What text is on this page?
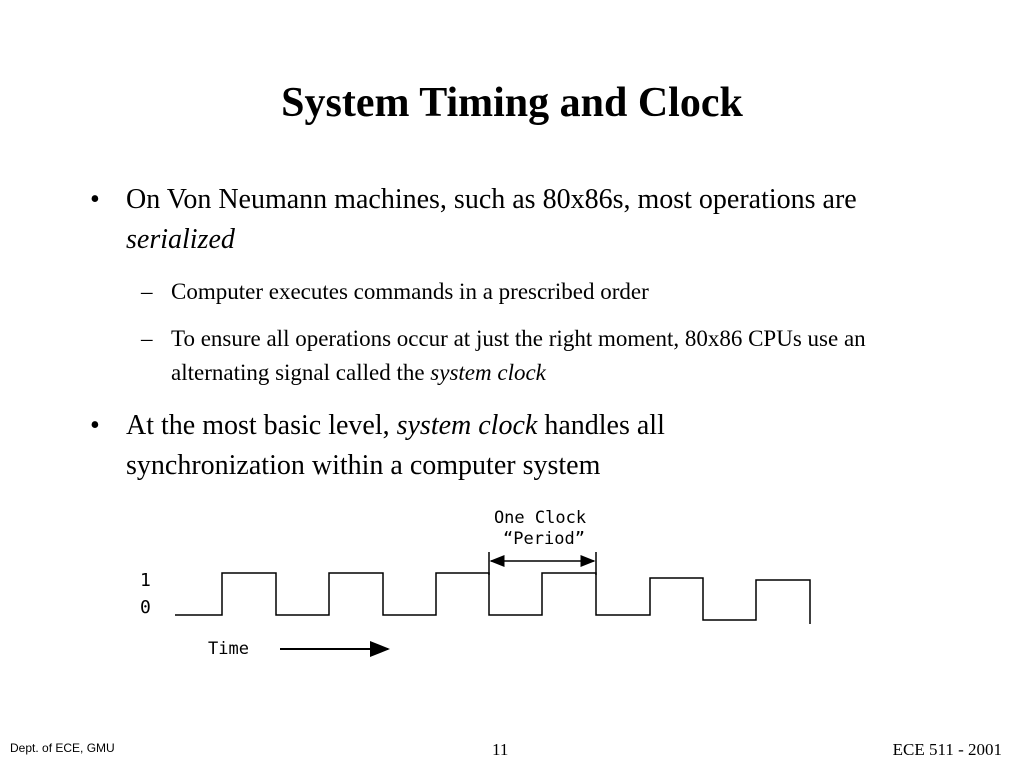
System Timing and Clock
• On Von Neumann machines, such as 80x86s, most operations are serialized
– Computer executes commands in a prescribed order
– To ensure all operations occur at just the right moment, 80x86 CPUs use an alternating signal called the system clock
• At the most basic level, system clock handles all synchronization within a computer system
One Clock
“Period”
1
0
Time
Dept. of ECE, GMU	11	ECE 511 - 2001
